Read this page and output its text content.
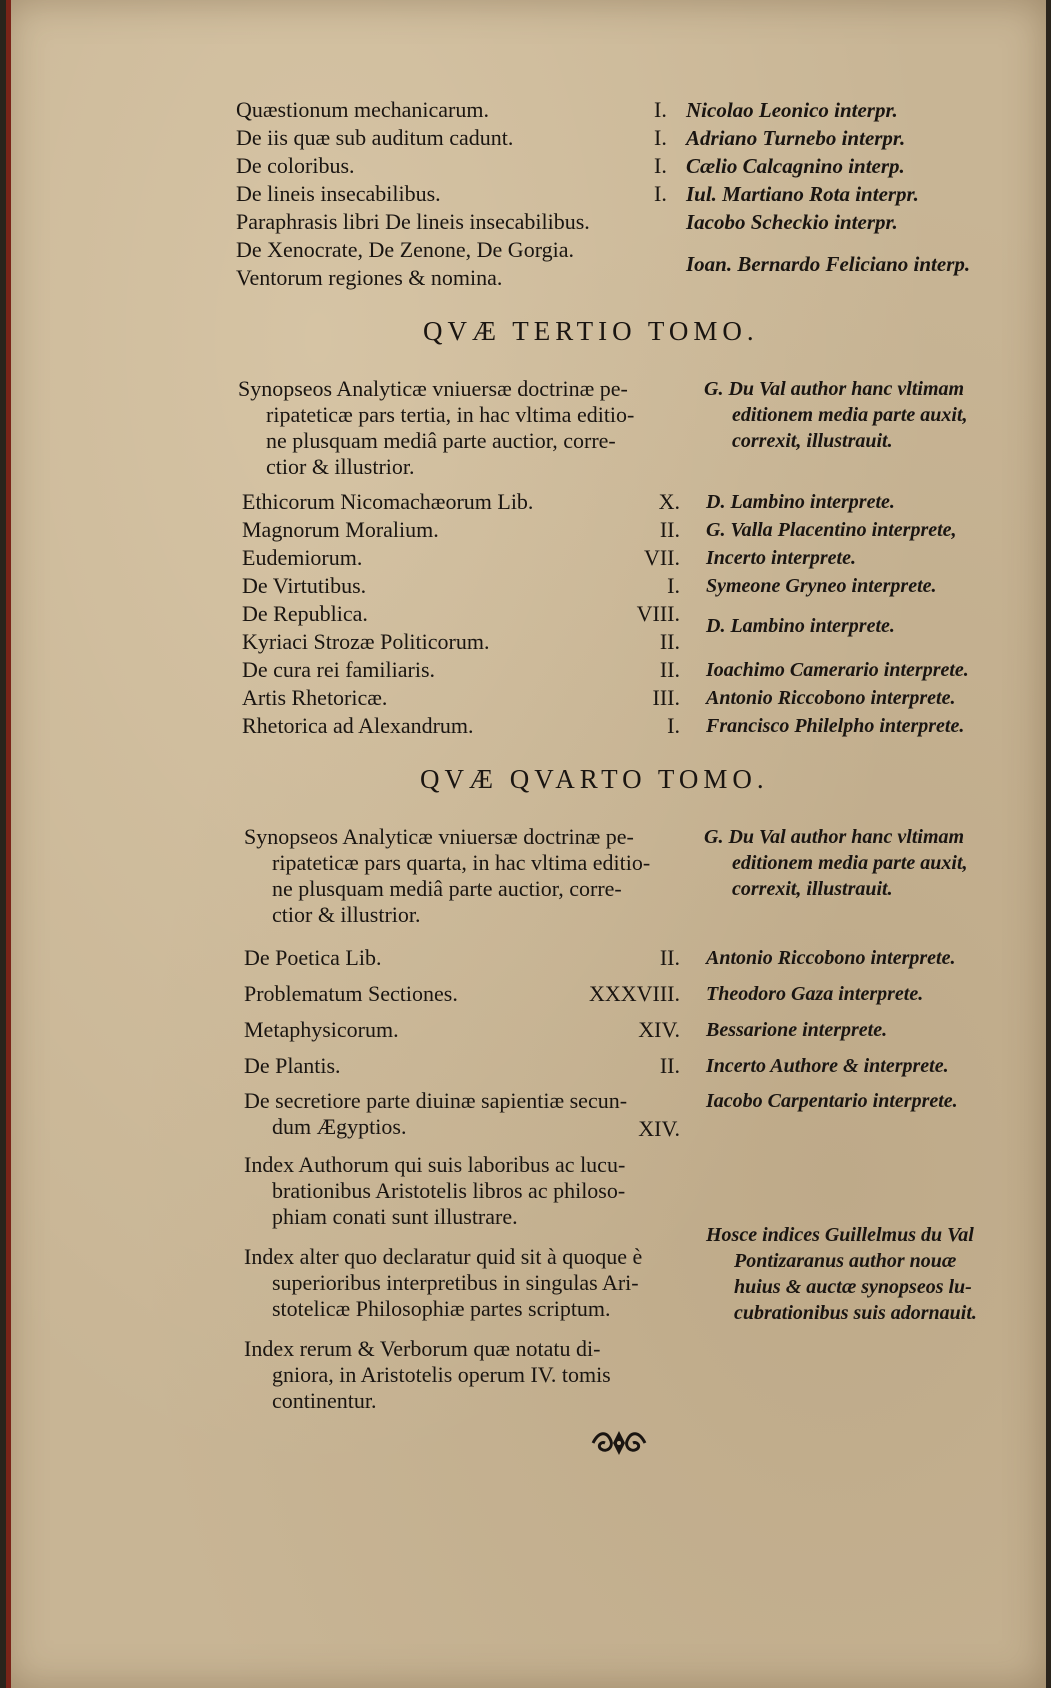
Quæstionum mechanicarum.	I. Nicolao Leonico interpr.
De iis quæ sub auditum cadunt.	I. Adriano Turnebo interpr.
De coloribus.	I. Cælio Calcagnino interp.
De lineis insecabilibus.	I. Iul. Martiano Rota interpr.
Paraphrasis libri De lineis insecabilibus.	Iacobo Scheckio interpr.
De Xenocrate, De Zenone, De Gorgia.
Ioan. Bernardo Feliciano interp.
Ventorum regiones & nomina.
QVÆ TERTIO TOMO.
Synopseos Analyticæ vniuersæ doctrinæ pe-
ripateticæ pars tertia, in hac vltima editio-
ne plusquam mediâ parte auctior, corre-
ctior & illustrior.
G. Du Val author hanc vltimam
editionem media parte auxit,
correxit, illustrauit.
Ethicorum Nicomachæorum Lib.	X. D. Lambino interprete.
Magnorum Moralium.	II. G. Valla Placentino interprete,
Eudemiorum.	VII. Incerto interprete.
De Virtutibus.	I. Symeone Gryneo interprete.
De Republica.	VIII. D. Lambino interprete.
Kyriaci Strozæ Politicorum.	II.
De cura rei familiaris.	II. Ioachimo Camerario interprete.
Artis Rhetoricæ.	III. Antonio Riccobono interprete.
Rhetorica ad Alexandrum.	I. Francisco Philelpho interprete.
QVÆ QVARTO TOMO.
Synopseos Analyticæ vniuersæ doctrinæ pe-
ripateticæ pars quarta, in hac vltima editio-
ne plusquam mediâ parte auctior, corre-
ctior & illustrior.
G. Du Val author hanc vltimam
editionem media parte auxit,
correxit, illustrauit.
De Poetica Lib.	II. Antonio Riccobono interprete.
Problematum Sectiones.	XXXVIII. Theodoro Gaza interprete.
Metaphysicorum.	XIV. Bessarione interprete.
De Plantis.	II. Incerto Authore & interprete.
De secretiore parte diuinæ sapientiæ secun-
dum Ægyptios.	XIV.
Iacobo Carpentario interprete.
Index Authorum qui suis laboribus ac lucu-
brationibus Aristotelis libros ac philoso-
phiam conati sunt illustrare.
Index alter quo declaratur quid sit à quoque è
superioribus interpretibus in singulas Ari-
stotelicæ Philosophiæ partes scriptum.
Index rerum & Verborum quæ notatu di-
gniora, in Aristotelis operum IV. tomis
continentur.
Hosce indices Guillelmus du Val
Pontizaranus author nouæ
huius & auctæ synopseos lu-
cubrationibus suis adornauit.
